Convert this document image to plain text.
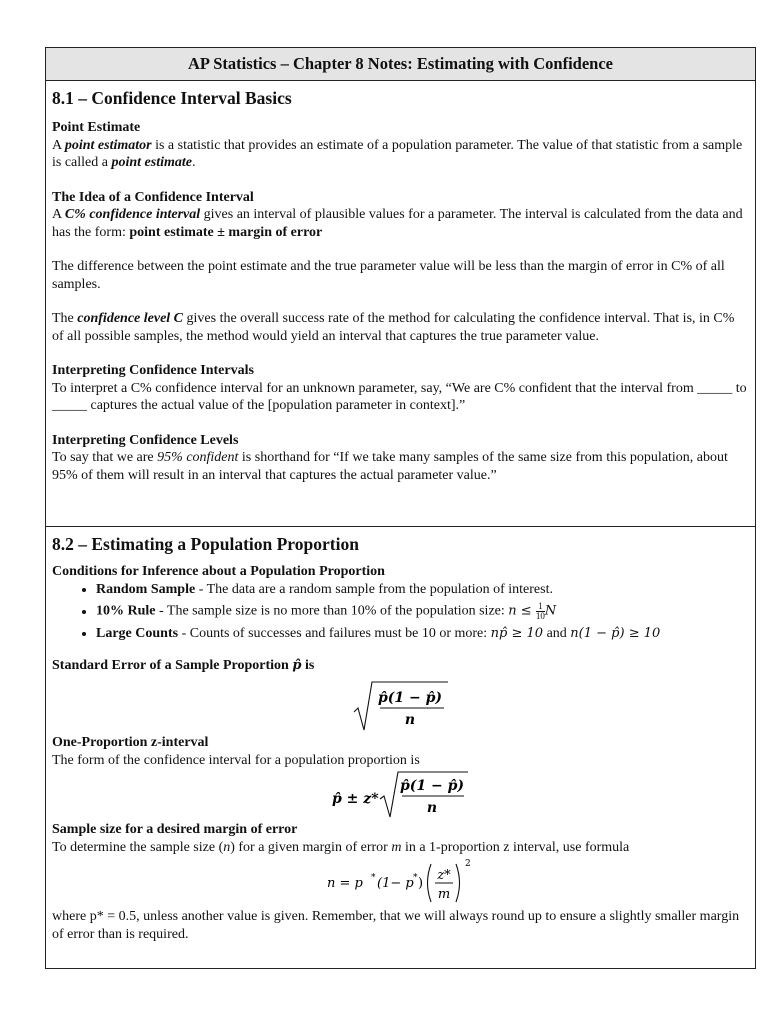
AP Statistics – Chapter 8 Notes: Estimating with Confidence
8.1 – Confidence Interval Basics

Point Estimate

A point estimator is a statistic that provides an estimate of a population parameter. The value of that statistic from a sample is called a point estimate.

The Idea of a Confidence Interval

A C% confidence interval gives an interval of plausible values for a parameter. The interval is calculated from the data and has the form: point estimate ± margin of error

The difference between the point estimate and the true parameter value will be less than the margin of error in C% of all samples.

The confidence level C gives the overall success rate of the method for calculating the confidence interval. That is, in C% of all possible samples, the method would yield an interval that captures the true parameter value.

Interpreting Confidence Intervals

To interpret a C% confidence interval for an unknown parameter, say, “We are C% confident that the interval from _____ to _____ captures the actual value of the [population parameter in context].”

Interpreting Confidence Levels

To say that we are 95% confident is shorthand for “If we take many samples of the same size from this population, about 95% of them will result in an interval that captures the actual parameter value.”

8.2 – Estimating a Population Proportion

Conditions for Inference about a Population Proportion

• Random Sample - The data are a random sample from the population of interest.
• 10% Rule - The sample size is no more than 10% of the population size: $n \le \frac{1}{10}$ N
• Large Counts - Counts of successes and failures must be 10 or more: np̂ ≥ 10 and n(1 − p̂) ≥ 10

Standard Error of a Sample Proportion p̂ is

p̂(1 − p̂)
n

One-Proportion z-interval

The form of the confidence interval for a population proportion is

p̂ ± z*
p̂(1 − p̂)
n

Sample size for a desired margin of error

To determine the sample size (n) for a given margin of error m in a 1-proportion z interval, use formula

n = p * (1− p * )
z*
m
2

where p* = 0.5, unless another value is given. Remember, that we will always round up to ensure a slightly smaller margin of error than is required.
